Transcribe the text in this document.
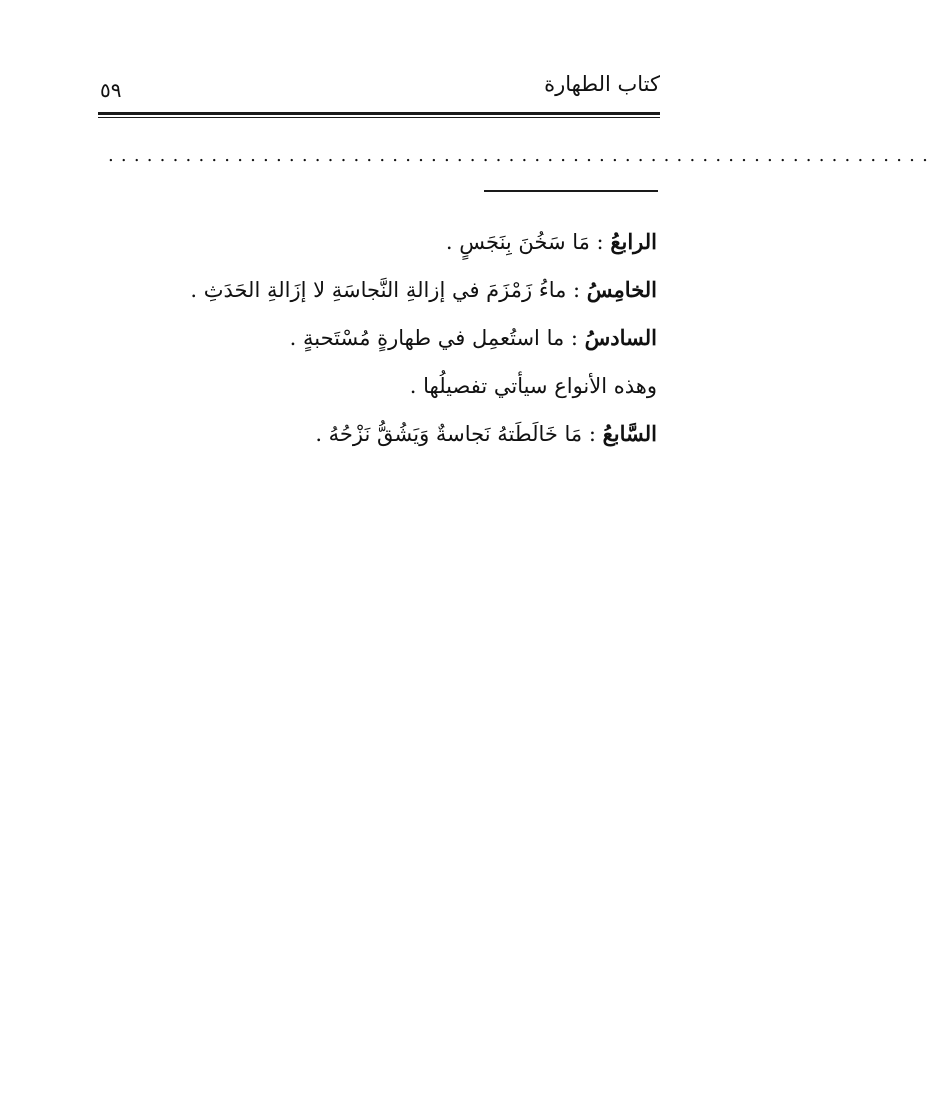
كتاب الطهارة
٥٩
................................................................
الرابعُ : مَا سَخُنَ بِنَجَسٍ .
الخامِسُ : ماءُ زَمْزَمَ في إزالةِ النَّجاسَةِ لا إزَالةِ الحَدَثِ .
السادسُ : ما استُعمِل في طهارةٍ مُسْتَحبةٍ .
وهذه الأنواع سيأتي تفصيلُها .
السَّابعُ : مَا خَالَطَتهُ نَجاسةٌ وَيَشُقُّ نَزْحُهُ .
